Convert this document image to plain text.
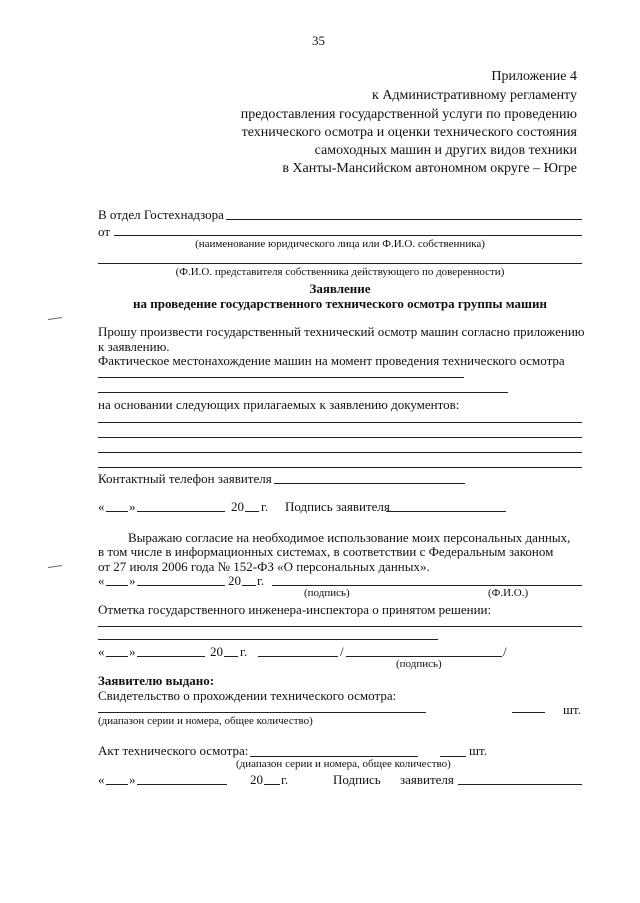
35
Приложение 4
к Административному регламенту
предоставления государственной услуги по проведению
технического осмотра и оценки технического состояния
самоходных машин и других видов техники
в Ханты-Мансийском автономном округе – Югре
В отдел Гостехнадзора
от
(наименование юридического лица или Ф.И.О. собственника)
(Ф.И.О. представителя собственника действующего по доверенности)
Заявление
на проведение государственного технического осмотра группы машин
Прошу произвести государственный технический осмотр машин согласно приложению
к заявлению.
Фактическое местонахождение машин на момент проведения технического осмотра
на основании следующих прилагаемых к заявлению документов:
Контактный телефон заявителя
« »	20 г. Подпись заявителя
Выражаю согласие на необходимое использование моих персональных данных,
в том числе в информационных системах, в соответствии с Федеральным законом
от 27 июля 2006 года № 152-ФЗ «О персональных данных».
« »	20 г.
(подпись)	(Ф.И.О.)
Отметка государственного инженера-инспектора о принятом решении:
« »	20 г.	/	/
(подпись)
Заявителю выдано:
Свидетельство о прохождении технического осмотра:
шт.
(диапазон серии и номера, общее количество)
Акт технического осмотра:	шт.
(диапазон серии и номера, общее количество)
« »	20 г.	Подпись заявителя
